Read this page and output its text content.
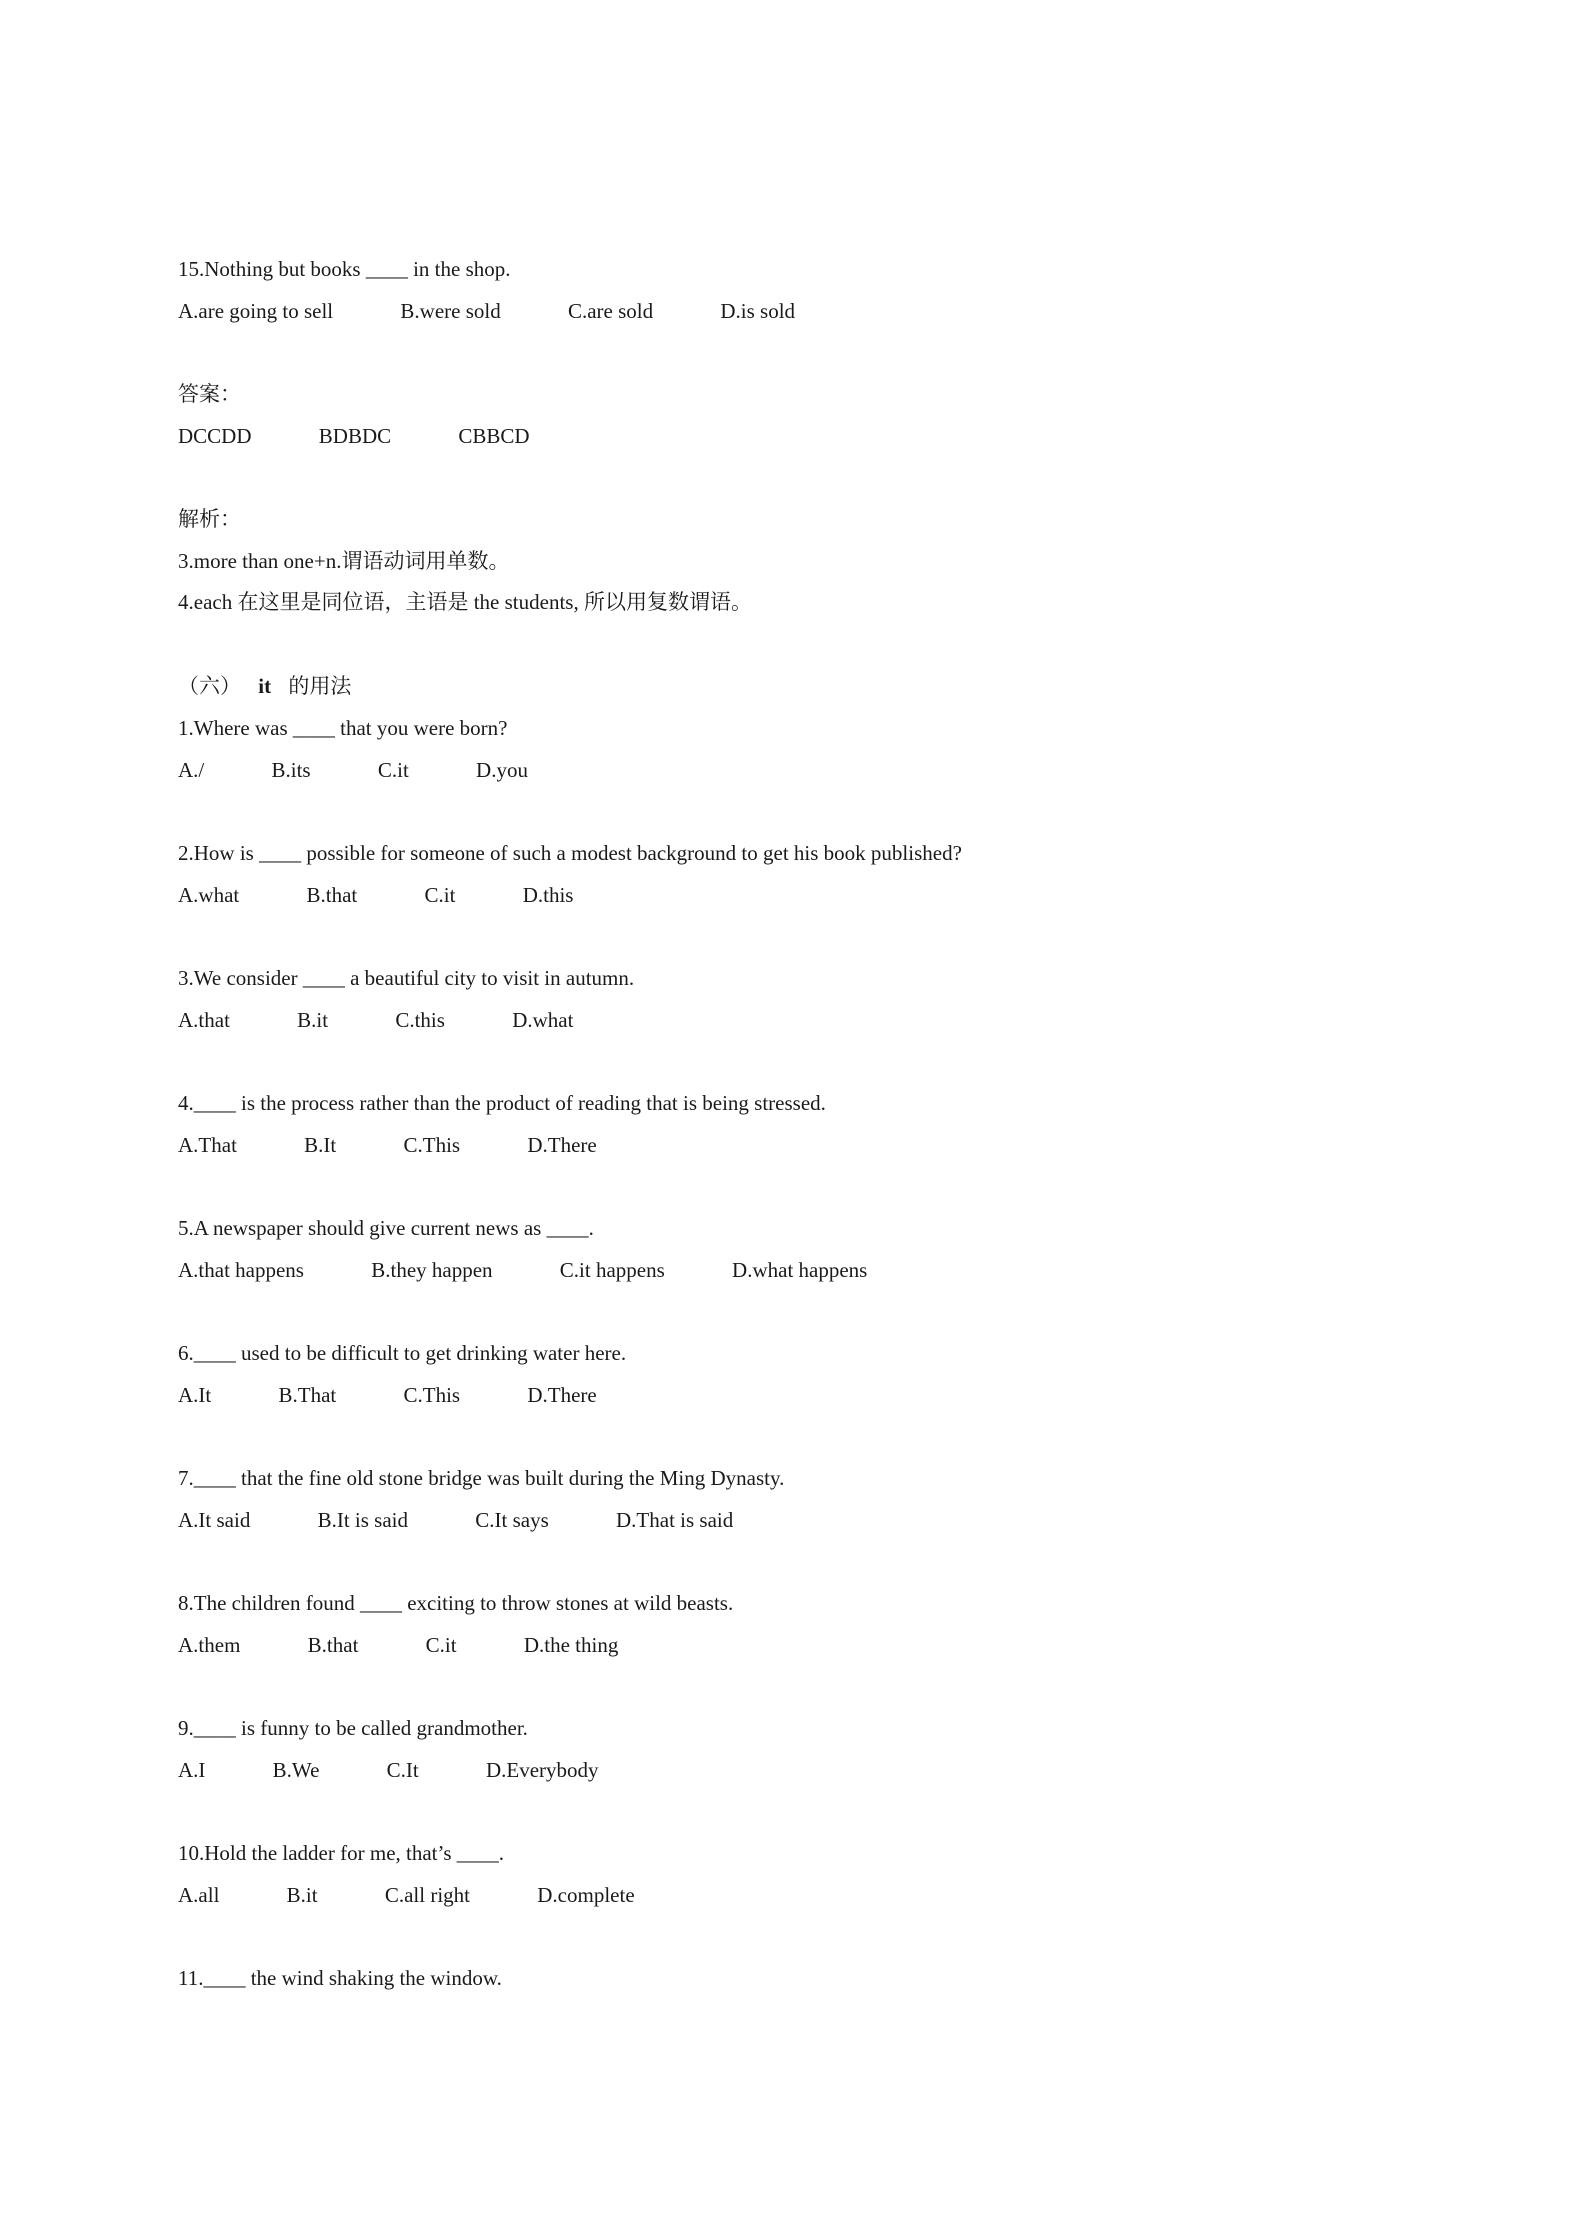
15.Nothing but books ____ in the shop.
A.are going to sell	B.were sold	C.are sold	D.is sold
答案：
DCCDD	BDBDC	CBBCD
解析：
3.more than one+n.谓语动词用单数。
4.each 在这里是同位语，主语是 the students, 所以用复数谓语。
（六） it 的用法
1.Where was ____ that you were born?
A./	B.its	C.it	D.you
2.How is ____ possible for someone of such a modest background to get his book published?
A.what	B.that	C.it	D.this
3.We consider ____ a beautiful city to visit in autumn.
A.that	B.it	C.this	D.what
4.____ is the process rather than the product of reading that is being stressed.
A.That	B.It	C.This	D.There
5.A newspaper should give current news as ____.
A.that happens	B.they happen	C.it happens	D.what happens
6.____ used to be difficult to get drinking water here.
A.It	B.That	C.This	D.There
7.____ that the fine old stone bridge was built during the Ming Dynasty.
A.It said	B.It is said	C.It says	D.That is said
8.The children found ____ exciting to throw stones at wild beasts.
A.them	B.that	C.it	D.the thing
9.____ is funny to be called grandmother.
A.I	B.We	C.It	D.Everybody
10.Hold the ladder for me, that’s ____.
A.all	B.it	C.all right	D.complete
11.____ the wind shaking the window.
